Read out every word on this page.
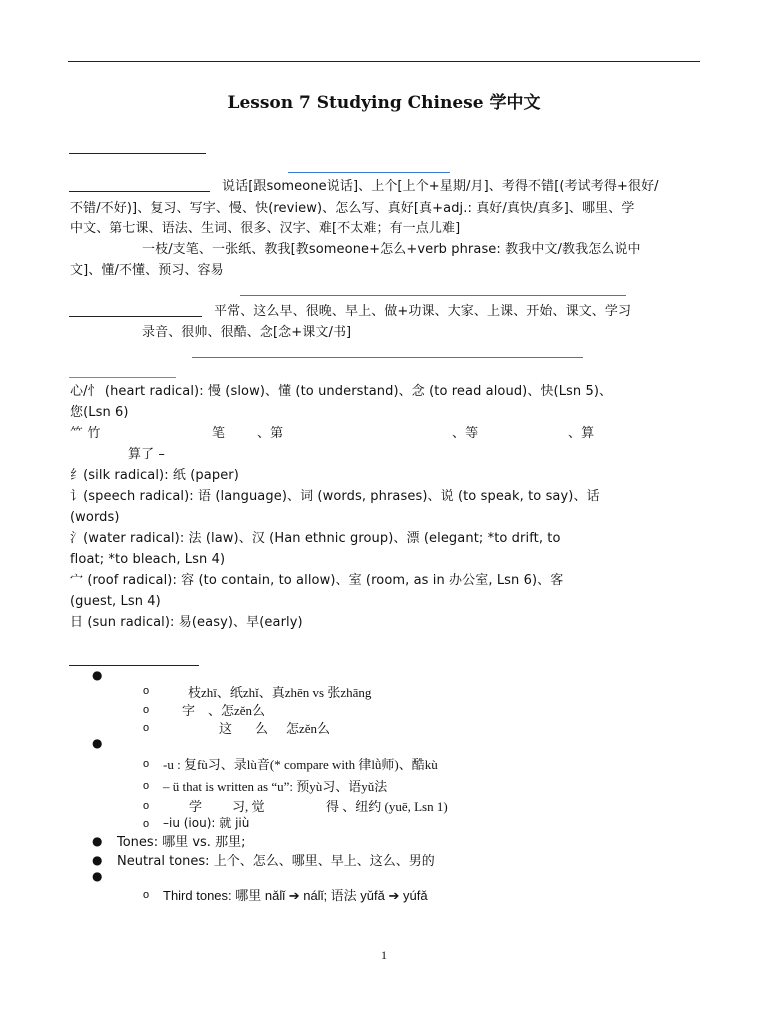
Lesson 7 Studying Chinese 学中文
说话[跟someone说话]、上个[上个+星期/月]、考得不错[(考试考得+很好/
不错/不好)]、复习、写字、慢、快(review)、怎么写、真好[真+adj.: 真好/真快/真多]、哪里、学
中文、第七课、语法、生词、很多、汉字、难[不太难；有一点儿难]
一枝/支笔、一张纸、教我[教someone+怎么+verb phrase: 教我中文/教我怎么说中
文]、懂/不懂、预习、容易
平常、这么早、很晚、早上、做+功课、大家、上课、开始、课文、学习
录音、很帅、很酷、念[念+课文/书]
心/忄 (heart radical): 慢 (slow)、懂 (to understand)、念 (to read aloud)、快(Lsn 5)、
您(Lsn 6)
⺮ 竹	笔 、第	、等	、算
算了 –
纟(silk radical): 纸 (paper)
讠(speech radical): 语 (language)、词 (words, phrases)、说 (to speak, to say)、话
(words)
氵(water radical): 法 (law)、汉 (Han ethnic group)、漂 (elegant; *to drift, to
float; *to bleach, Lsn 4)
宀 (roof radical): 容 (to contain, to allow)、室 (room, as in 办公室, Lsn 6)、客
(guest, Lsn 4)
日 (sun radical): 易(easy)、早(early)
●
o	枝zhī、纸zhǐ、真zhēn vs 张zhāng
o	字 、怎zěn么
o	这 么 怎zěn么
●
o -u : 复fù习、录lù音(* compare with 律lǜ师)、酷kù
o – ü that is written as “u”: 预yù习、语yǔ法
o	学 习, 觉	得 、纽约 (yuē, Lsn 1)
o –iu (iou): 就 jiù
● Tones: 哪里 vs. 那里;
● Neutral tones: 上个、怎么、哪里、早上、这么、男的
●
o Third tones: 哪里 nǎlǐ ➔ nálǐ; 语法 yǔfǎ ➔ yúfǎ
1
